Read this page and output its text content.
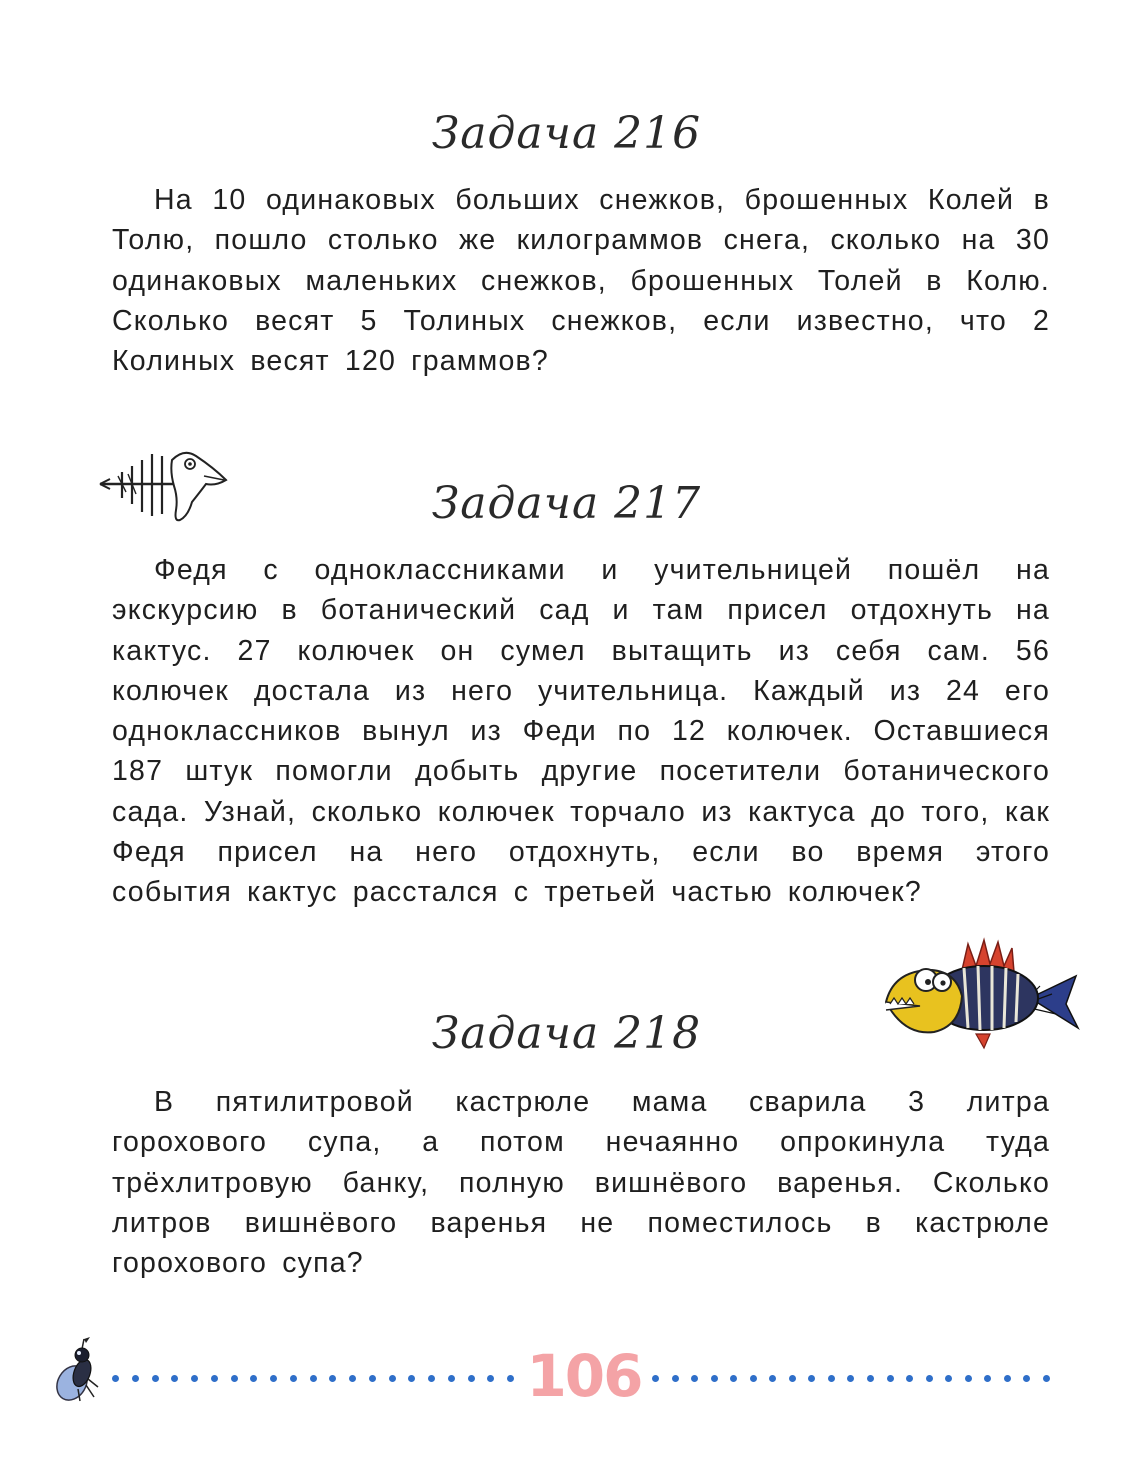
Задача 216

На 10 одинаковых больших снежков, брошенных Колей в Толю, пошло столько же килограммов снега, сколько на 30 одинаковых маленьких снежков, брошенных Толей в Колю. Сколько весят 5 Толиных снежков, если известно, что 2 Колиных весят 120 граммов?

Задача 217

Федя с одноклассниками и учительницей пошёл на экскурсию в ботанический сад и там присел отдохнуть на кактус. 27 колючек он сумел вытащить из себя сам. 56 колючек достала из него учительница. Каждый из 24 его одноклассников вынул из Феди по 12 колючек. Оставшиеся 187 штук помогли добыть другие посетители ботанического сада. Узнай, сколько колючек торчало из кактуса до того, как Федя присел на него отдохнуть, если во время этого события кактус расстался с третьей частью колючек?

Задача 218

В пятилитровой кастрюле мама сварила 3 литра горохового супа, а потом нечаянно опрокинула туда трёхлитровую банку, полную вишнёвого варенья. Сколько литров вишнёвого варенья не поместилось в кастрюле горохового супа?

106
